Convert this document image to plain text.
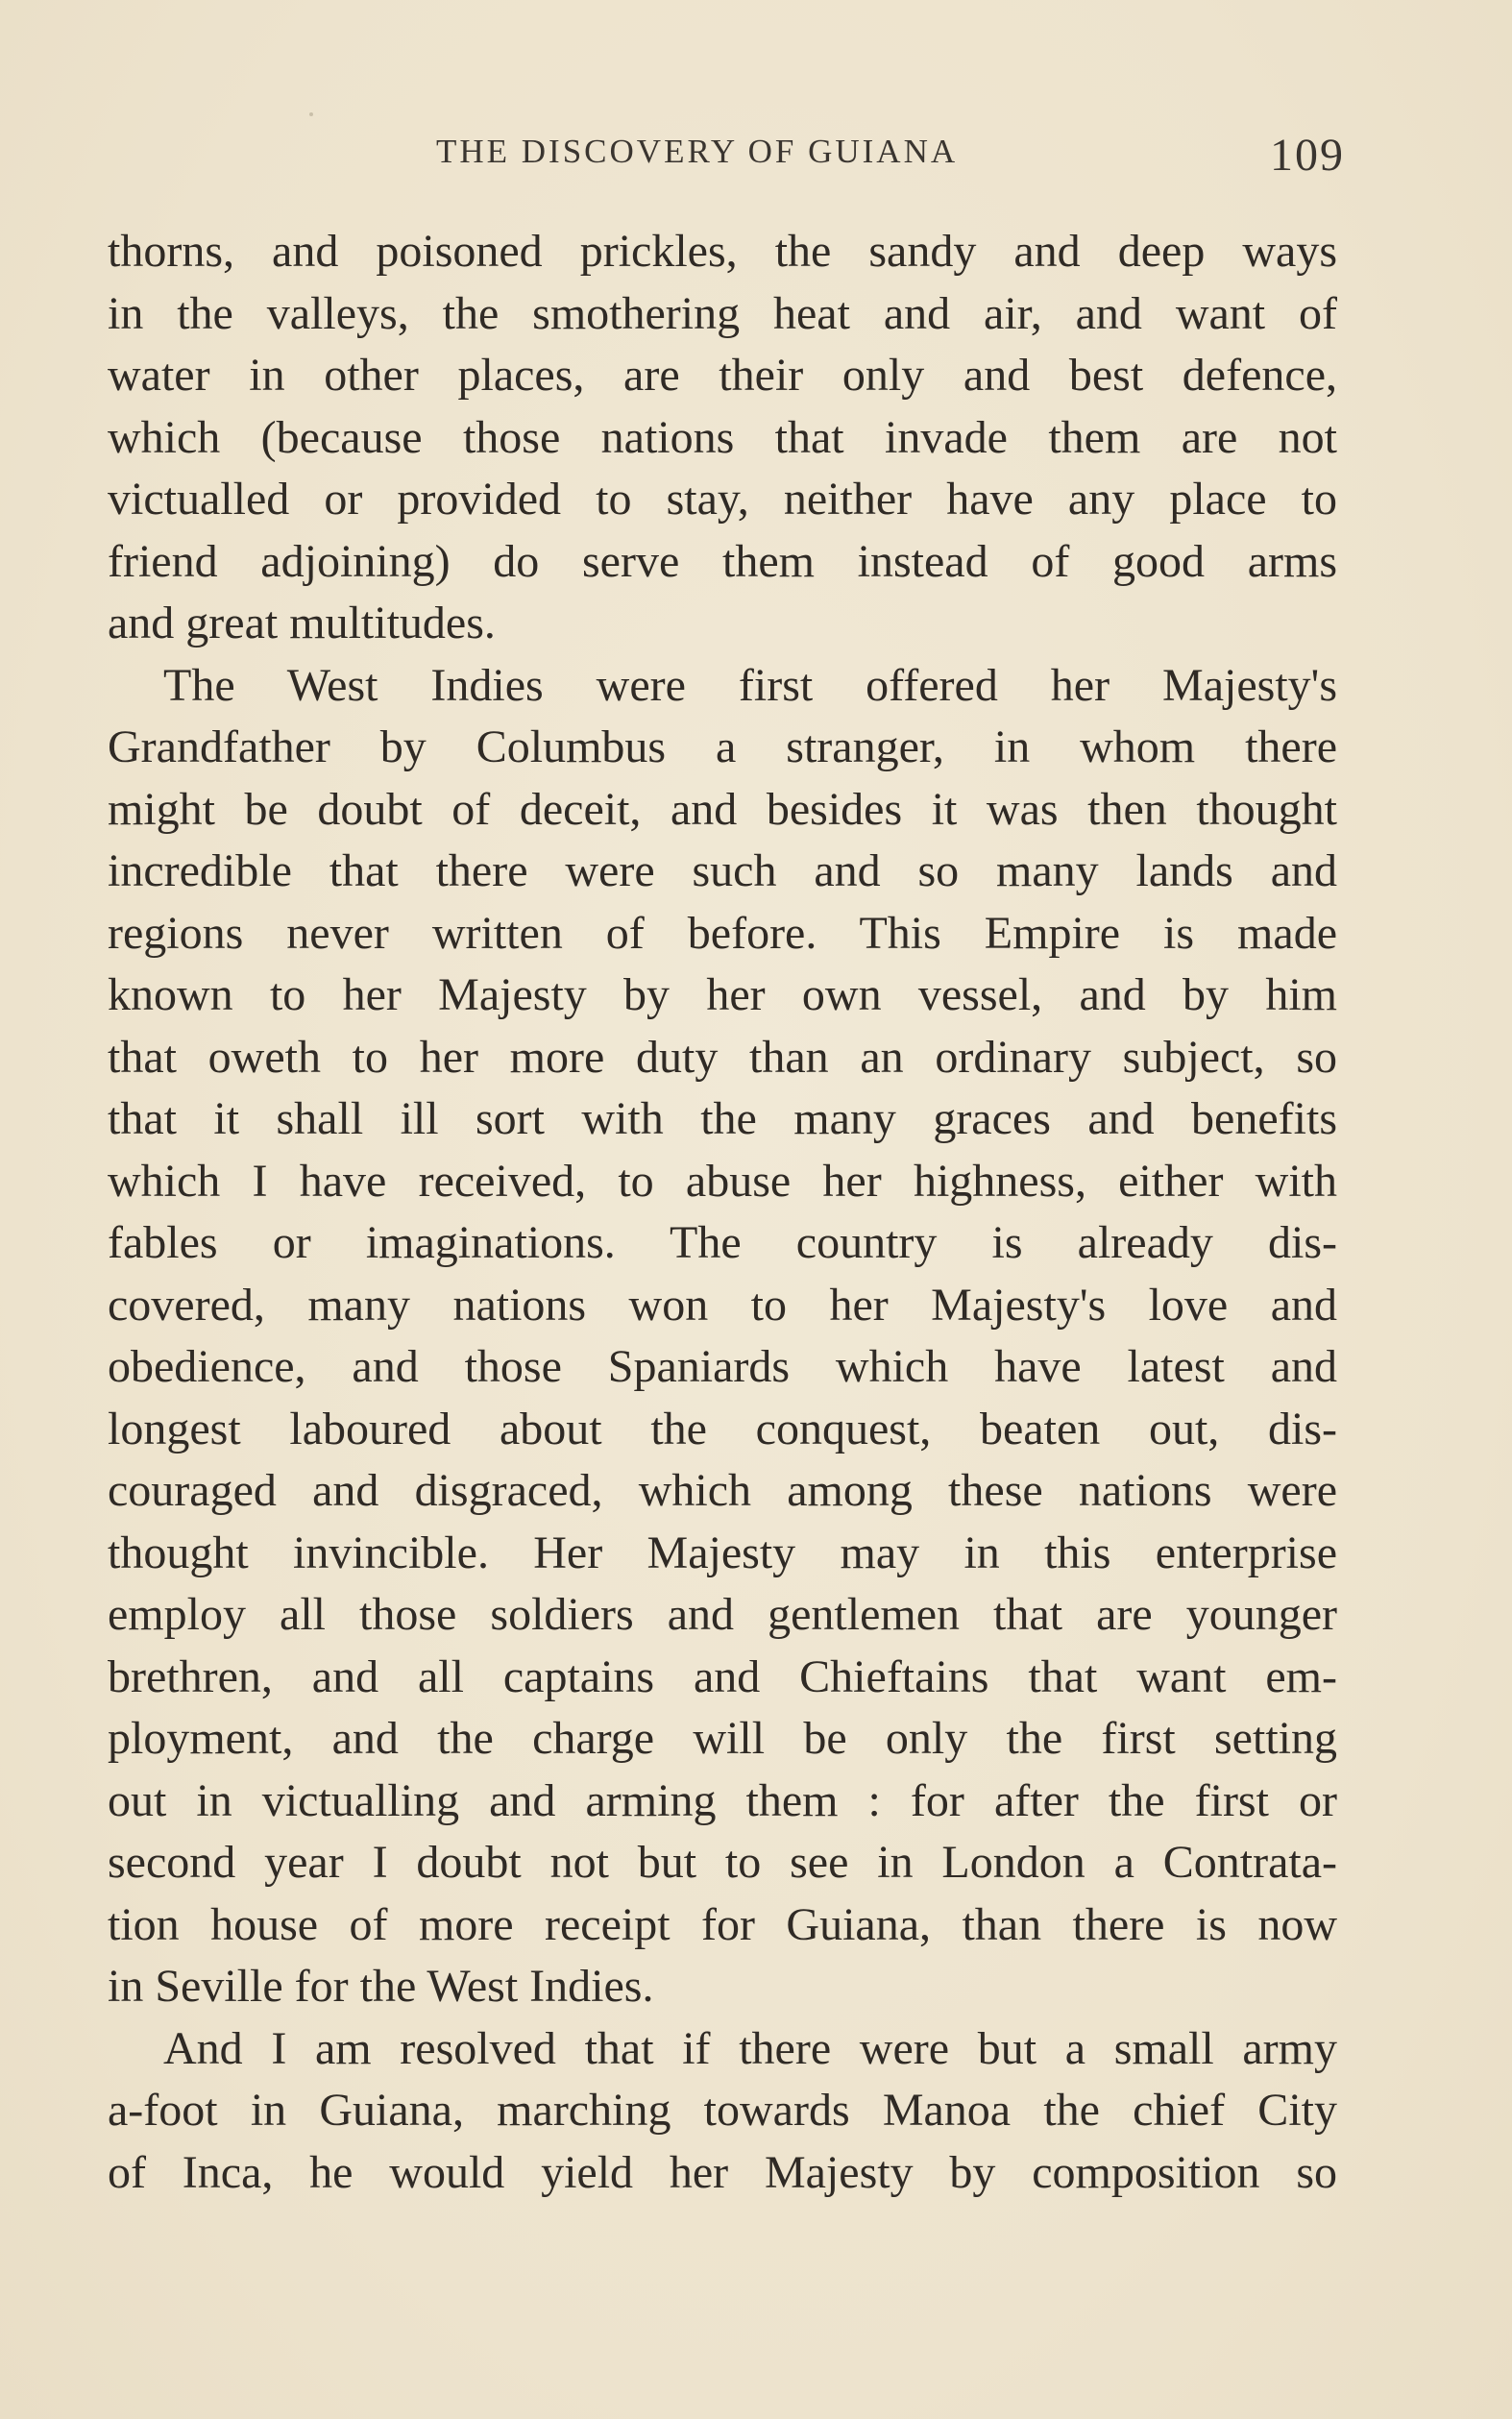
THE DISCOVERY OF GUIANA	109
thorns, and poisoned prickles, the sandy and deep ways
in the valleys, the smothering heat and air, and want of
water in other places, are their only and best defence,
which (because those nations that invade them are not
victualled or provided to stay, neither have any place to
friend adjoining) do serve them instead of good arms
and great multitudes.
The West Indies were first offered her Majesty's
Grandfather by Columbus a stranger, in whom there
might be doubt of deceit, and besides it was then thought
incredible that there were such and so many lands and
regions never written of before. This Empire is made
known to her Majesty by her own vessel, and by him
that oweth to her more duty than an ordinary subject, so
that it shall ill sort with the many graces and benefits
which I have received, to abuse her highness, either with
fables or imaginations. The country is already dis-
covered, many nations won to her Majesty's love and
obedience, and those Spaniards which have latest and
longest laboured about the conquest, beaten out, dis-
couraged and disgraced, which among these nations were
thought invincible. Her Majesty may in this enterprise
employ all those soldiers and gentlemen that are younger
brethren, and all captains and Chieftains that want em-
ployment, and the charge will be only the first setting
out in victualling and arming them : for after the first or
second year I doubt not but to see in London a Contrata-
tion house of more receipt for Guiana, than there is now
in Seville for the West Indies.
And I am resolved that if there were but a small army
a-foot in Guiana, marching towards Manoa the chief City
of Inca, he would yield her Majesty by composition so
